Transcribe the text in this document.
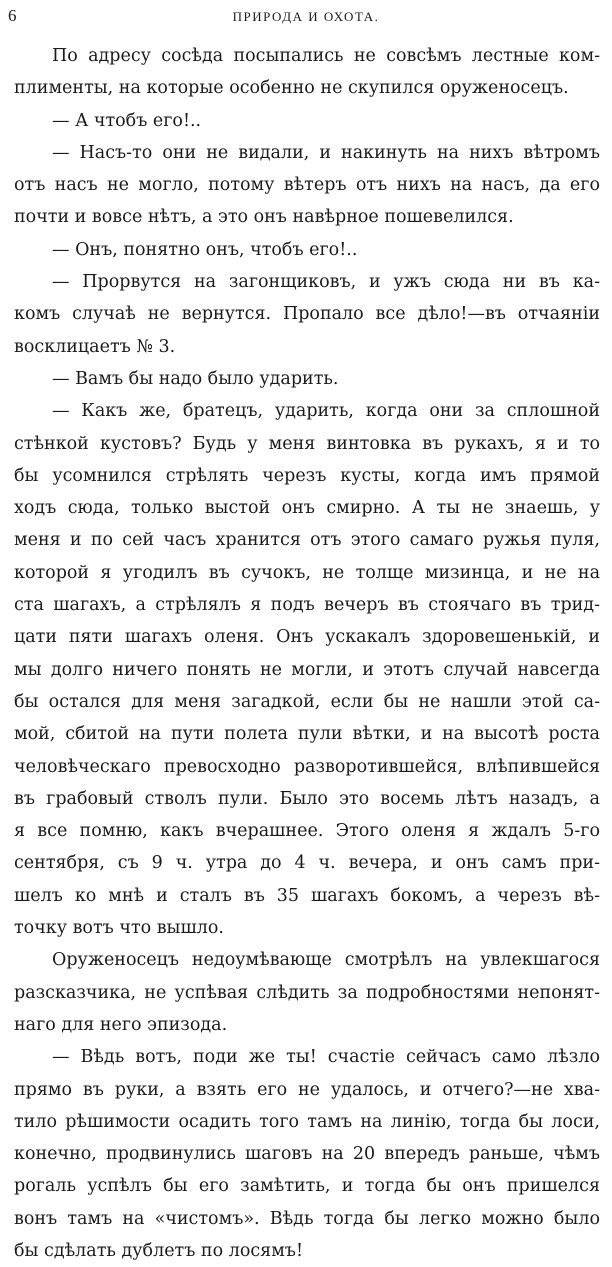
6	ПРИРОДА И ОХОТА.
По адресу сосѣда посыпались не совсѣмъ лестные ком-
плименты, на которые особенно не скупился оруженосецъ.
— А чтобъ его!..
— Насъ-то они не видали, и накинуть на нихъ вѣтромъ
отъ насъ не могло, потому вѣтеръ отъ нихъ на насъ, да его
почти и вовсе нѣтъ, а это онъ навѣрное пошевелился.
— Онъ, понятно онъ, чтобъ его!..
— Прорвутся на загонщиковъ, и ужъ сюда ни въ ка-
комъ случаѣ не вернутся. Пропало все дѣло!—въ отчаяніи
восклицаетъ № 3.
— Вамъ бы надо было ударить.
— Какъ же, братецъ, ударить, когда они за сплошной
стѣнкой кустовъ? Будь у меня винтовка въ рукахъ, я и то
бы усомнился стрѣлять черезъ кусты, когда имъ прямой
ходъ сюда, только выстой онъ смирно. А ты не знаешь, у
меня и по сей часъ хранится отъ этого самаго ружья пуля,
которой я угодилъ въ сучокъ, не толще мизинца, и не на
ста шагахъ, а стрѣлялъ я подъ вечеръ въ стоячаго въ трид-
цати пяти шагахъ оленя. Онъ ускакалъ здоровешенькій, и
мы долго ничего понять не могли, и этотъ случай навсегда
бы остался для меня загадкой, если бы не нашли этой са-
мой, сбитой на пути полета пули вѣтки, и на высотѣ роста
человѣческаго превосходно разворотившейся, влѣпившейся
въ грабовый стволъ пули. Было это восемь лѣтъ назадъ, а
я все помню, какъ вчерашнее. Этого оленя я ждалъ 5-го
сентября, съ 9 ч. утра до 4 ч. вечера, и онъ самъ при-
шелъ ко мнѣ и сталъ въ 35 шагахъ бокомъ, а черезъ вѣ-
точку вотъ что вышло.
Оруженосецъ недоумѣвающе смотрѣлъ на увлекшагося
разсказчика, не успѣвая слѣдить за подробностями непонят-
наго для него эпизода.
— Вѣдь вотъ, поди же ты! счастіе сейчасъ само лѣзло
прямо въ руки, а взять его не удалось, и отчего?—не хва-
тило рѣшимости осадить того тамъ на линію, тогда бы лоси,
конечно, продвинулись шаговъ на 20 впередъ раньше, чѣмъ
рогаль успѣлъ бы его замѣтить, и тогда бы онъ пришелся
вонъ тамъ на «чистомъ». Вѣдь тогда бы легко можно было
бы сдѣлать дублетъ по лосямъ!
